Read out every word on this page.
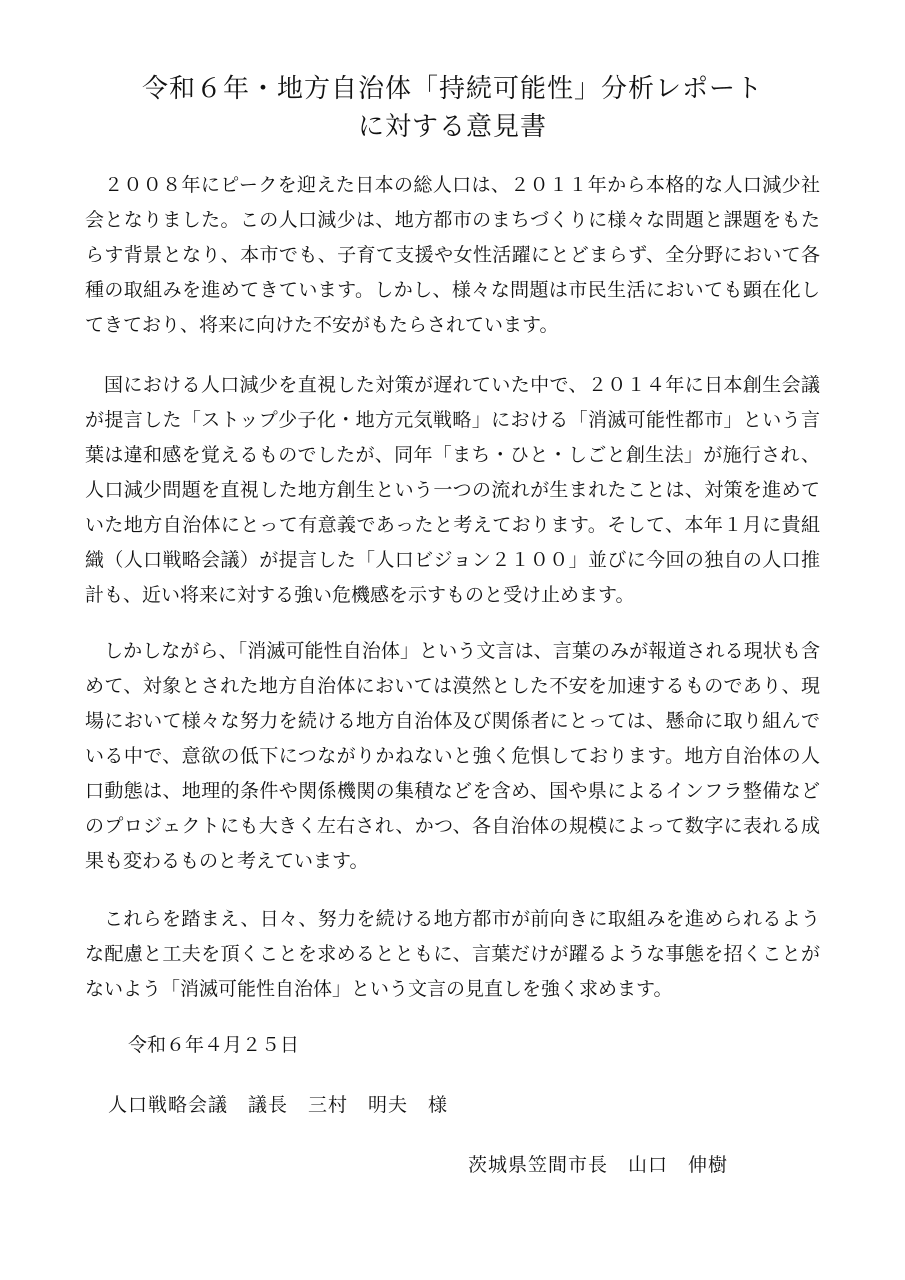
令和６年・地方自治体「持続可能性」分析レポート
に対する意見書

２００８年にピークを迎えた日本の総人口は、２０１１年から本格的な人口減少社会となりました。この人口減少は、地方都市のまちづくりに様々な問題と課題をもたらす背景となり、本市でも、子育て支援や女性活躍にとどまらず、全分野において各種の取組みを進めてきています。しかし、様々な問題は市民生活においても顕在化してきており、将来に向けた不安がもたらされています。

国における人口減少を直視した対策が遅れていた中で、２０１４年に日本創生会議が提言した「ストップ少子化・地方元気戦略」における「消滅可能性都市」という言葉は違和感を覚えるものでしたが、同年「まち・ひと・しごと創生法」が施行され、人口減少問題を直視した地方創生という一つの流れが生まれたことは、対策を進めていた地方自治体にとって有意義であったと考えております。そして、本年１月に貴組織（人口戦略会議）が提言した「人口ビジョン２１００」並びに今回の独自の人口推計も、近い将来に対する強い危機感を示すものと受け止めます。

しかしながら、「消滅可能性自治体」という文言は、言葉のみが報道される現状も含めて、対象とされた地方自治体においては漠然とした不安を加速するものであり、現場において様々な努力を続ける地方自治体及び関係者にとっては、懸命に取り組んでいる中で、意欲の低下につながりかねないと強く危惧しております。地方自治体の人口動態は、地理的条件や関係機関の集積などを含め、国や県によるインフラ整備などのプロジェクトにも大きく左右され、かつ、各自治体の規模によって数字に表れる成果も変わるものと考えています。

これらを踏まえ、日々、努力を続ける地方都市が前向きに取組みを進められるような配慮と工夫を頂くことを求めるとともに、言葉だけが躍るような事態を招くことがないよう「消滅可能性自治体」という文言の見直しを強く求めます。

令和６年４月２５日
人口戦略会議　議長　三村　明夫　様
茨城県笠間市長　山口　伸樹
